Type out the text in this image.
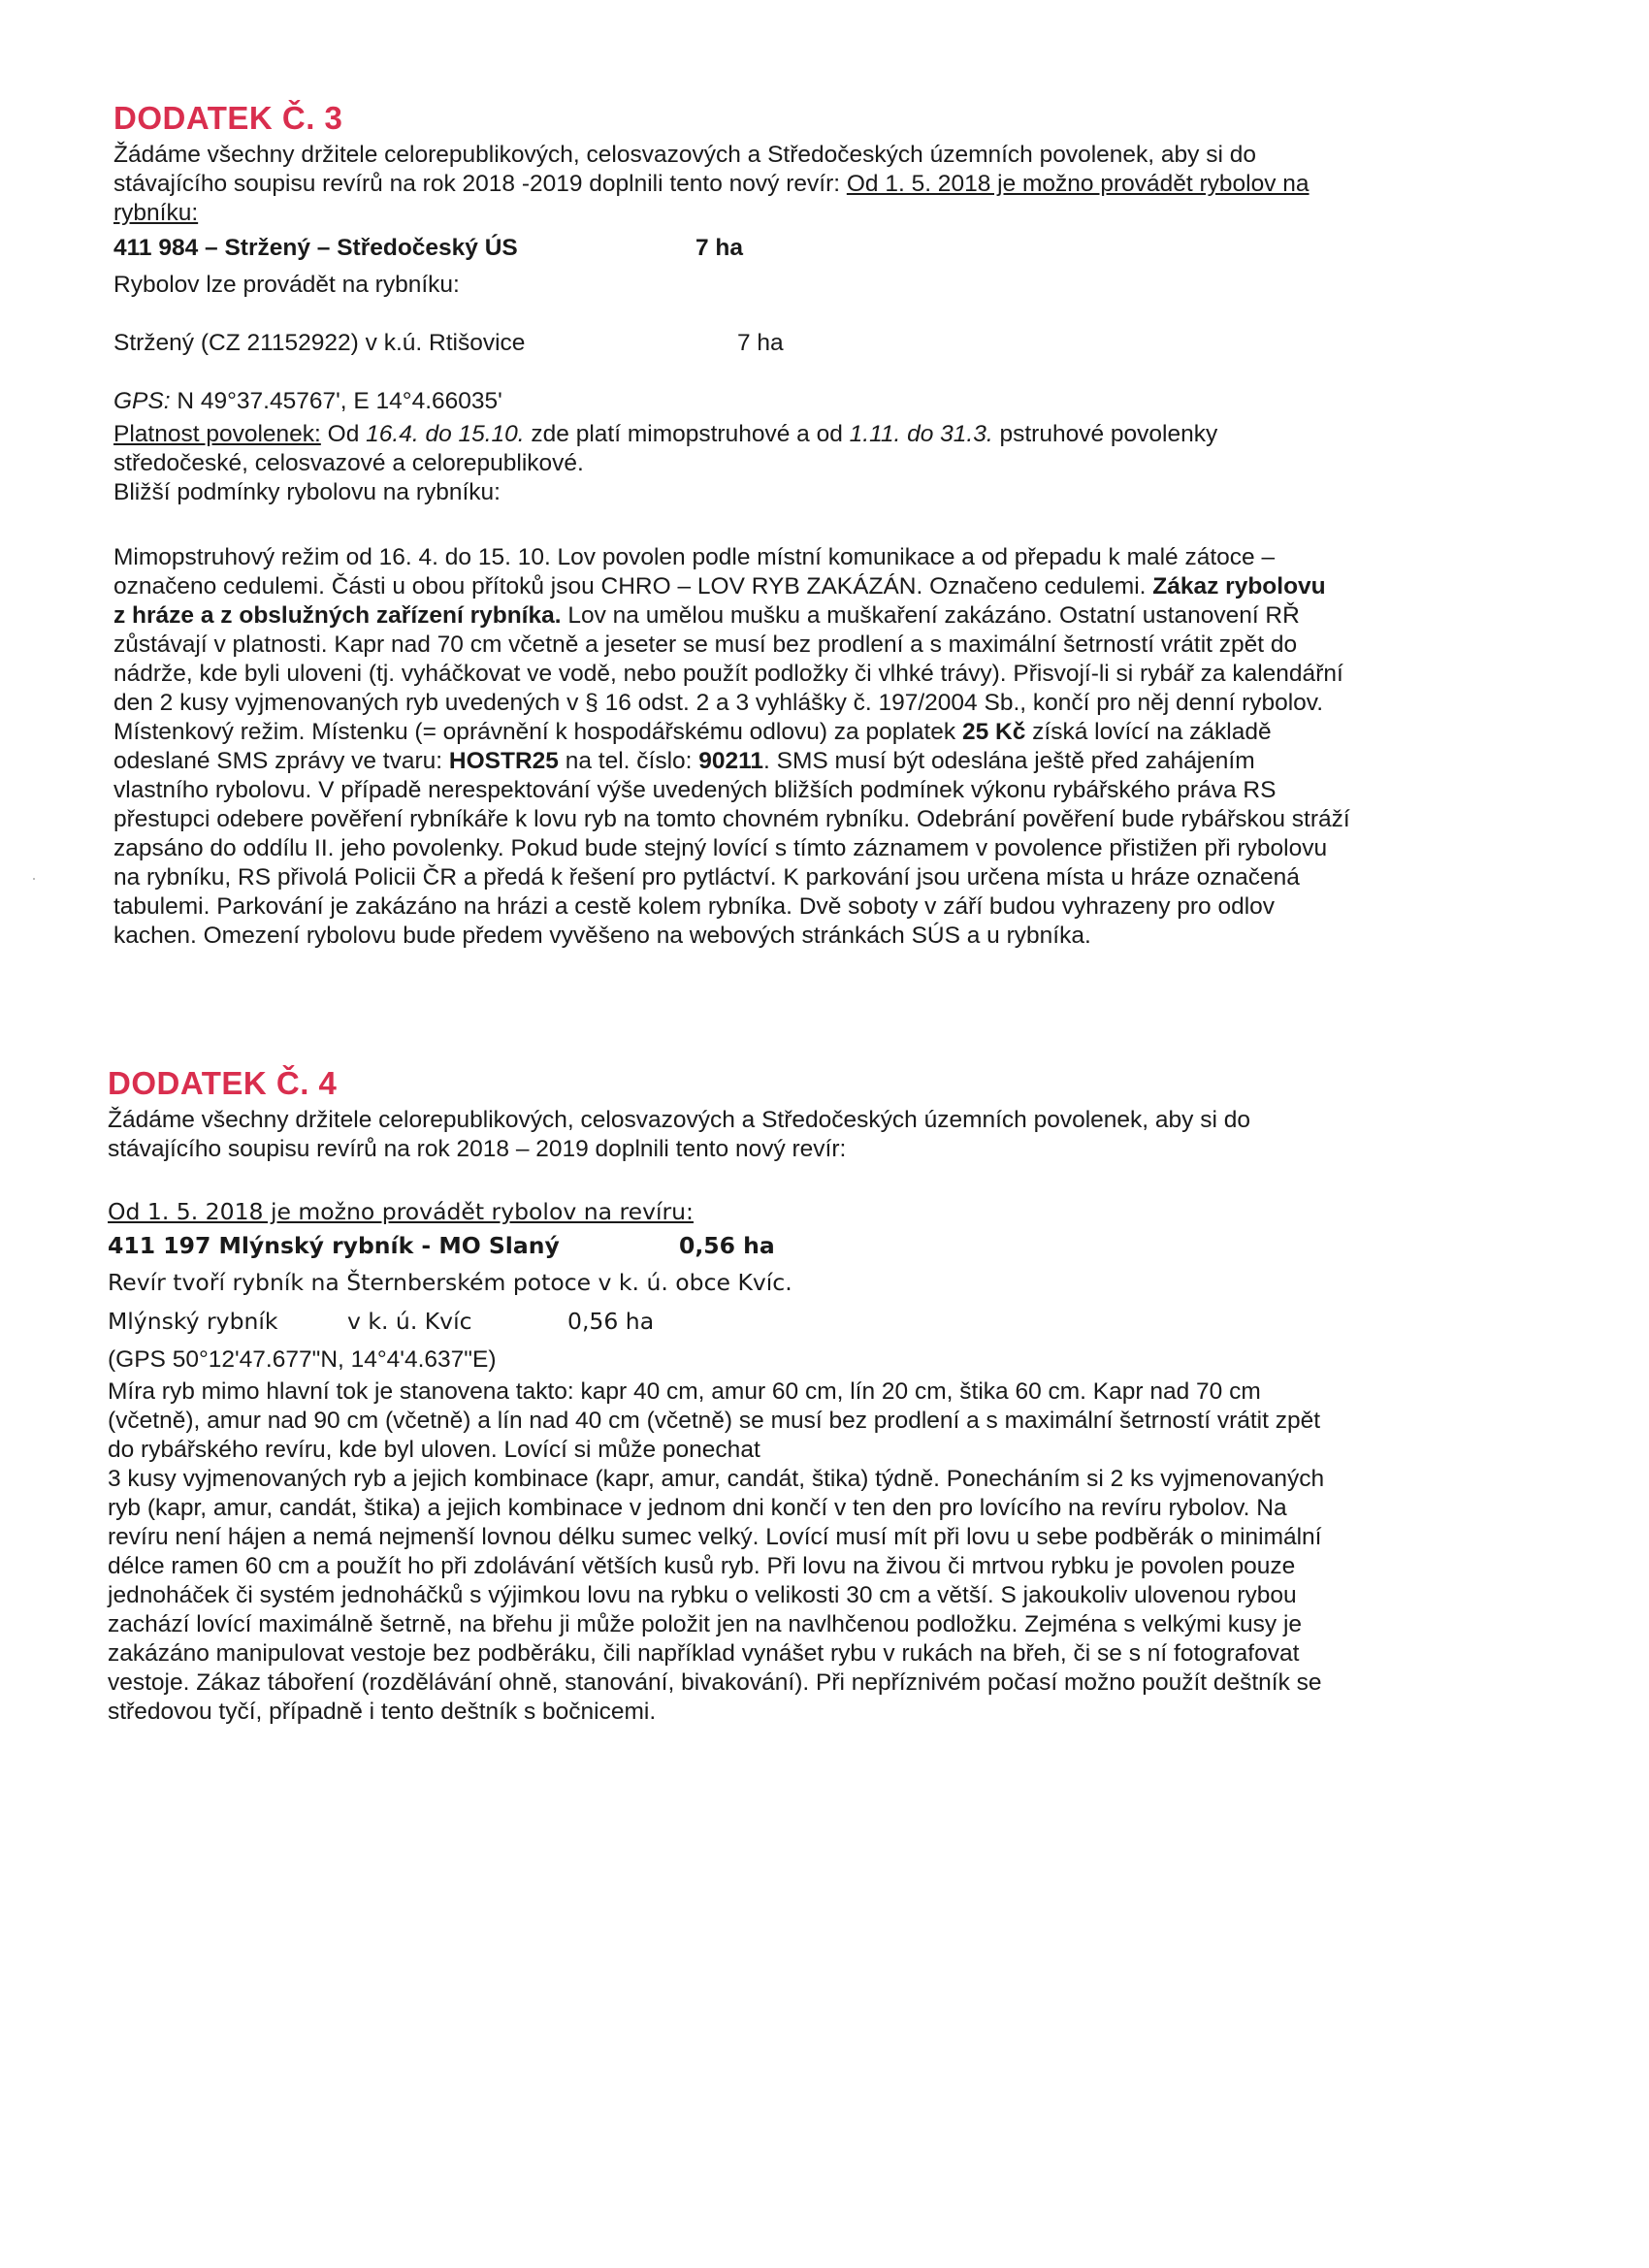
DODATEK Č. 3
Žádáme všechny držitele celorepublikových, celosvazových a Středočeských územních povolenek, aby si do
stávajícího soupisu revírů na rok 2018 -2019 doplnili tento nový revír: Od 1. 5. 2018 je možno provádět rybolov na
rybníku:
411 984 – Stržený – Středočeský ÚS	7 ha
Rybolov lze provádět na rybníku:
Stržený (CZ 21152922) v k.ú. Rtišovice	7 ha
GPS: N 49°37.45767', E 14°4.66035'
Platnost povolenek: Od 16.4. do 15.10. zde platí mimopstruhové a od 1.11. do 31.3. pstruhové povolenky
středočeské, celosvazové a celorepublikové.
Bližší podmínky rybolovu na rybníku:
Mimopstruhový režim od 16. 4. do 15. 10. Lov povolen podle místní komunikace a od přepadu k malé zátoce –
označeno cedulemi. Části u obou přítoků jsou CHRO – LOV RYB ZAKÁZÁN. Označeno cedulemi. Zákaz rybolovu
z hráze a z obslužných zařízení rybníka. Lov na umělou mušku a muškaření zakázáno. Ostatní ustanovení RŘ
zůstávají v platnosti. Kapr nad 70 cm včetně a jeseter se musí bez prodlení a s maximální šetrností vrátit zpět do
nádrže, kde byli uloveni (tj. vyháčkovat ve vodě, nebo použít podložky či vlhké trávy). Přisvojí-li si rybář za kalendářní
den 2 kusy vyjmenovaných ryb uvedených v § 16 odst. 2 a 3 vyhlášky č. 197/2004 Sb., končí pro něj denní rybolov.
Místenkový režim. Místenku (= oprávnění k hospodářskému odlovu) za poplatek 25 Kč získá lovící na základě
odeslané SMS zprávy ve tvaru: HOSTR25 na tel. číslo: 90211. SMS musí být odeslána ještě před zahájením
vlastního rybolovu. V případě nerespektování výše uvedených bližších podmínek výkonu rybářského práva RS
přestupci odebere pověření rybníkáře k lovu ryb na tomto chovném rybníku. Odebrání pověření bude rybářskou stráží
zapsáno do oddílu II. jeho povolenky. Pokud bude stejný lovící s tímto záznamem v povolence přistižen při rybolovu
na rybníku, RS přivolá Policii ČR a předá k řešení pro pytláctví. K parkování jsou určena místa u hráze označená
tabulemi. Parkování je zakázáno na hrázi a cestě kolem rybníka. Dvě soboty v září budou vyhrazeny pro odlov
kachen. Omezení rybolovu bude předem vyvěšeno na webových stránkách SÚS a u rybníka.
DODATEK Č. 4
Žádáme všechny držitele celorepublikových, celosvazových a Středočeských územních povolenek, aby si do
stávajícího soupisu revírů na rok 2018 – 2019 doplnili tento nový revír:
Od 1. 5. 2018 je možno provádět rybolov na revíru:
411 197 Mlýnský rybník - MO Slaný	0,56 ha
Revír tvoří rybník na Šternberském potoce v k. ú. obce Kvíc.
Mlýnský rybník	v k. ú. Kvíc	0,56 ha
(GPS 50°12'47.677"N, 14°4'4.637"E)
Míra ryb mimo hlavní tok je stanovena takto: kapr 40 cm, amur 60 cm, lín 20 cm, štika 60 cm. Kapr nad 70 cm
(včetně), amur nad 90 cm (včetně) a lín nad 40 cm (včetně) se musí bez prodlení a s maximální šetrností vrátit zpět
do rybářského revíru, kde byl uloven. Lovící si může ponechat
3 kusy vyjmenovaných ryb a jejich kombinace (kapr, amur, candát, štika) týdně. Ponecháním si 2 ks vyjmenovaných
ryb (kapr, amur, candát, štika) a jejich kombinace v jednom dni končí v ten den pro lovícího na revíru rybolov. Na
revíru není hájen a nemá nejmenší lovnou délku sumec velký. Lovící musí mít při lovu u sebe podběrák o minimální
délce ramen 60 cm a použít ho při zdolávání větších kusů ryb. Při lovu na živou či mrtvou rybku je povolen pouze
jednoháček či systém jednoháčků s výjimkou lovu na rybku o velikosti 30 cm a větší. S jakoukoliv ulovenou rybou
zachází lovící maximálně šetrně, na břehu ji může položit jen na navlhčenou podložku. Zejména s velkými kusy je
zakázáno manipulovat vestoje bez podběráku, čili například vynášet rybu v rukách na břeh, či se s ní fotografovat
vestoje. Zákaz táboření (rozdělávání ohně, stanování, bivakování). Při nepříznivém počasí možno použít deštník se
středovou tyčí, případně i tento deštník s bočnicemi.
